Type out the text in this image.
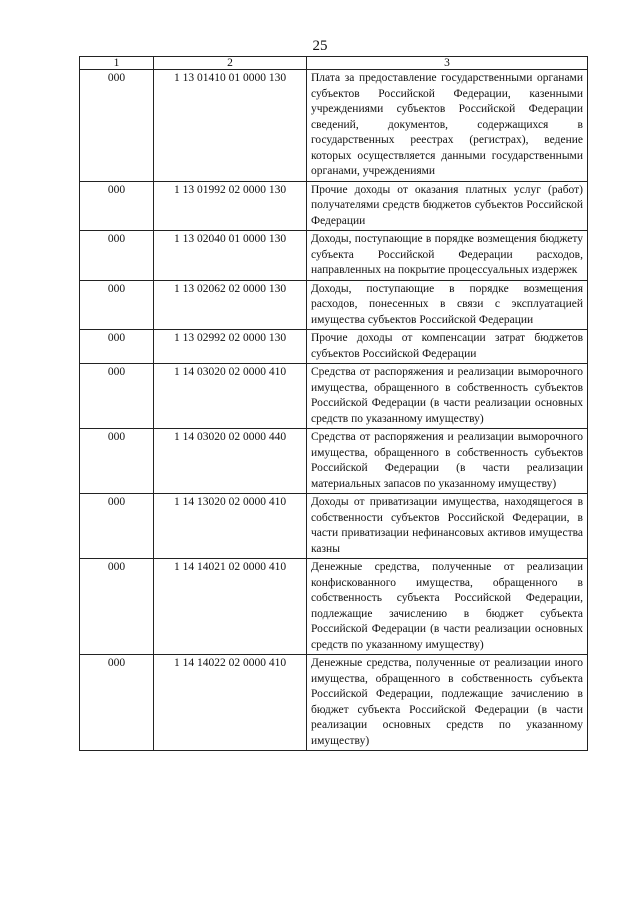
25
1	2	3
000	1 13 01410 01 0000 130	Плата за предоставление государственными органами субъектов Российской Федерации, казенными учреждениями субъектов Российской Федерации сведений, документов, содержащихся в государственных реестрах (регистрах), ведение которых осуществляется данными государственными органами, учреждениями
000	1 13 01992 02 0000 130	Прочие доходы от оказания платных услуг (работ) получателями средств бюджетов субъектов Российской Федерации
000	1 13 02040 01 0000 130	Доходы, поступающие в порядке возмещения бюджету субъекта Российской Федерации расходов, направленных на покрытие процессуальных издержек
000	1 13 02062 02 0000 130	Доходы, поступающие в порядке возмещения расходов, понесенных в связи с эксплуатацией имущества субъектов Российской Федерации
000	1 13 02992 02 0000 130	Прочие доходы от компенсации затрат бюджетов субъектов Российской Федерации
000	1 14 03020 02 0000 410	Средства от распоряжения и реализации выморочного имущества, обращенного в собственность субъектов Российской Федерации (в части реализации основных средств по указанному имуществу)
000	1 14 03020 02 0000 440	Средства от распоряжения и реализации выморочного имущества, обращенного в собственность субъектов Российской Федерации (в части реализации материальных запасов по указанному имуществу)
000	1 14 13020 02 0000 410	Доходы от приватизации имущества, находящегося в собственности субъектов Российской Федерации, в части приватизации нефинансовых активов имущества казны
000	1 14 14021 02 0000 410	Денежные средства, полученные от реализации конфискованного имущества, обращенного в собственность субъекта Российской Федерации, подлежащие зачислению в бюджет субъекта Российской Федерации (в части реализации основных средств по указанному имуществу)
000	1 14 14022 02 0000 410	Денежные средства, полученные от реализации иного имущества, обращенного в собственность субъекта Российской Федерации, подлежащие зачислению в бюджет субъекта Российской Федерации (в части реализации основных средств по указанному имуществу)
